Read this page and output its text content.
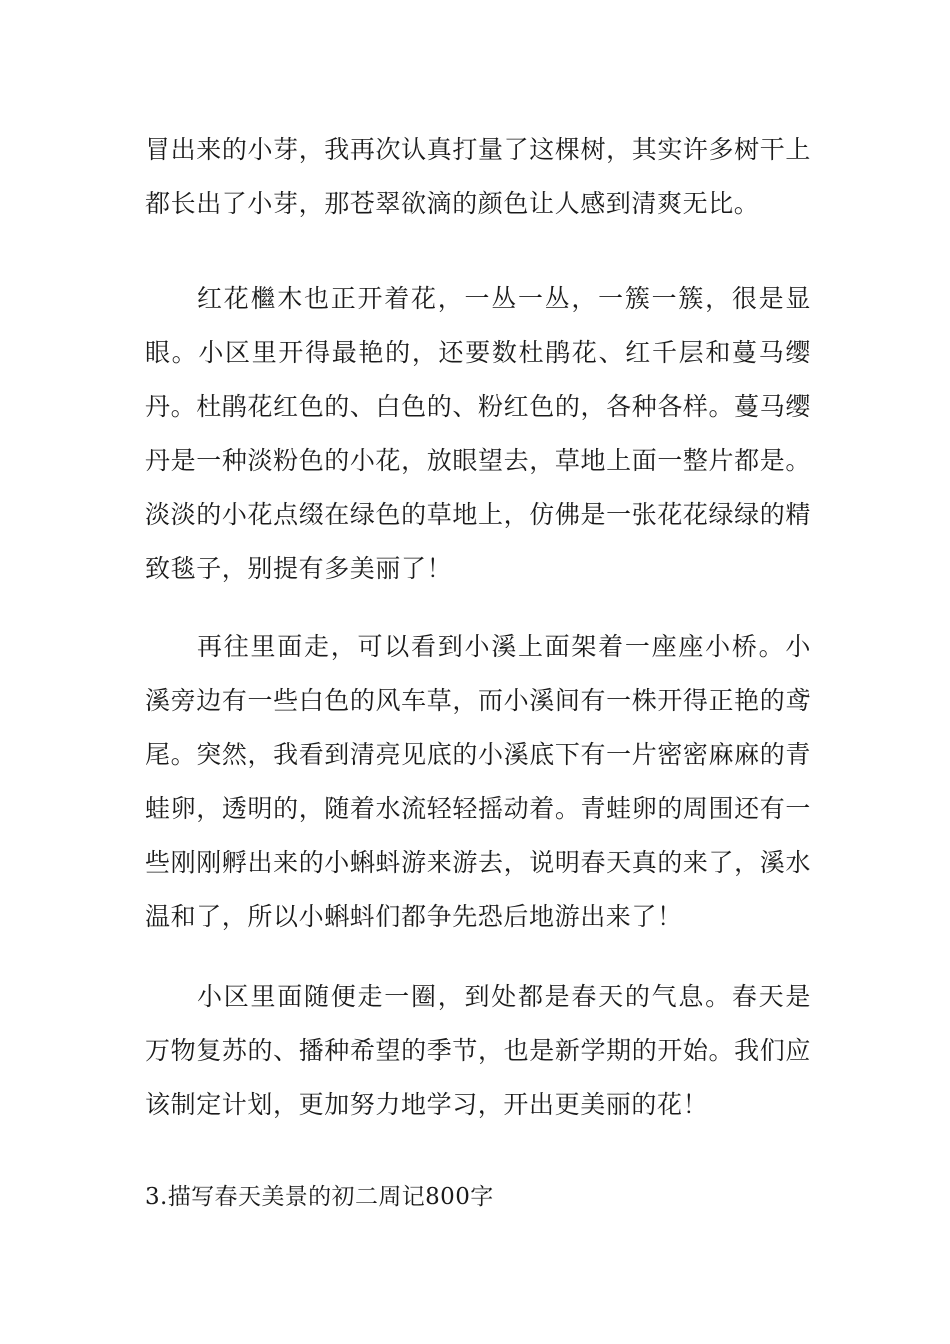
冒出来的小芽，我再次认真打量了这棵树，其实许多树干上都长出了小芽，那苍翠欲滴的颜色让人感到清爽无比。

红花檵木也正开着花，一丛一丛，一簇一簇，很是显眼。小区里开得最艳的，还要数杜鹃花、红千层和蔓马缨丹。杜鹃花红色的、白色的、粉红色的，各种各样。蔓马缨丹是一种淡粉色的小花，放眼望去，草地上面一整片都是。淡淡的小花点缀在绿色的草地上，仿佛是一张花花绿绿的精致毯子，别提有多美丽了！

再往里面走，可以看到小溪上面架着一座座小桥。小溪旁边有一些白色的风车草，而小溪间有一株开得正艳的鸢尾。突然，我看到清亮见底的小溪底下有一片密密麻麻的青蛙卵，透明的，随着水流轻轻摇动着。青蛙卵的周围还有一些刚刚孵出来的小蝌蚪游来游去，说明春天真的来了，溪水温和了，所以小蝌蚪们都争先恐后地游出来了！

小区里面随便走一圈，到处都是春天的气息。春天是万物复苏的、播种希望的季节，也是新学期的开始。我们应该制定计划，更加努力地学习，开出更美丽的花！

3.描写春天美景的初二周记800字
